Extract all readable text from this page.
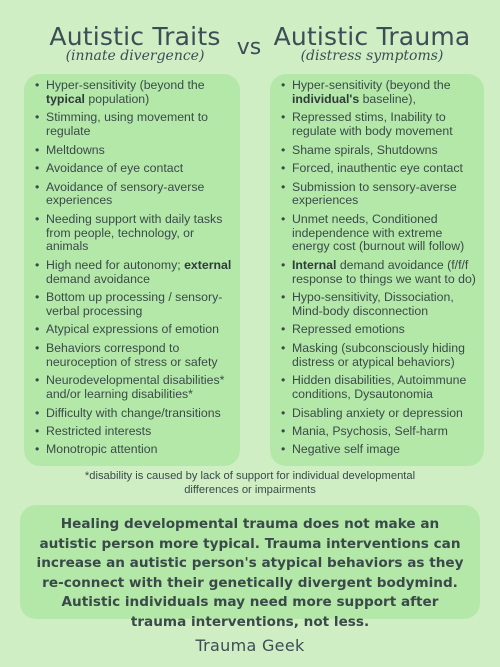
Autistic Traits
(innate divergence)	vs Autistic Trauma
(distress symptoms)
• Hyper-sensitivity (beyond the typical population)
• Stimming, using movement to regulate
• Meltdowns
• Avoidance of eye contact
• Avoidance of sensory-averse experiences
• Needing support with daily tasks from people, technology, or animals
• High need for autonomy; external demand avoidance
• Bottom up processing / sensory-verbal processing
• Atypical expressions of emotion
• Behaviors correspond to neuroception of stress or safety
• Neurodevelopmental disabilities* and/or learning disabilities*
• Difficulty with change/transitions
• Restricted interests
• Monotropic attention
• Hyper-sensitivity (beyond the individual's baseline),
• Repressed stims, Inability to regulate with body movement
• Shame spirals, Shutdowns
• Forced, inauthentic eye contact
• Submission to sensory-averse experiences
• Unmet needs, Conditioned independence with extreme energy cost (burnout will follow)
• Internal demand avoidance (f/f/f response to things we want to do)
• Hypo-sensitivity, Dissociation, Mind-body disconnection
• Repressed emotions
• Masking (subconsciously hiding distress or atypical behaviors)
• Hidden disabilities, Autoimmune conditions, Dysautonomia
• Disabling anxiety or depression
• Mania, Psychosis, Self-harm
• Negative self image
*disability is caused by lack of support for individual developmental differences or impairments
Healing developmental trauma does not make an autistic person more typical. Trauma interventions can increase an autistic person's atypical behaviors as they re-connect with their genetically divergent bodymind. Autistic individuals may need more support after trauma interventions, not less.
Trauma Geek
